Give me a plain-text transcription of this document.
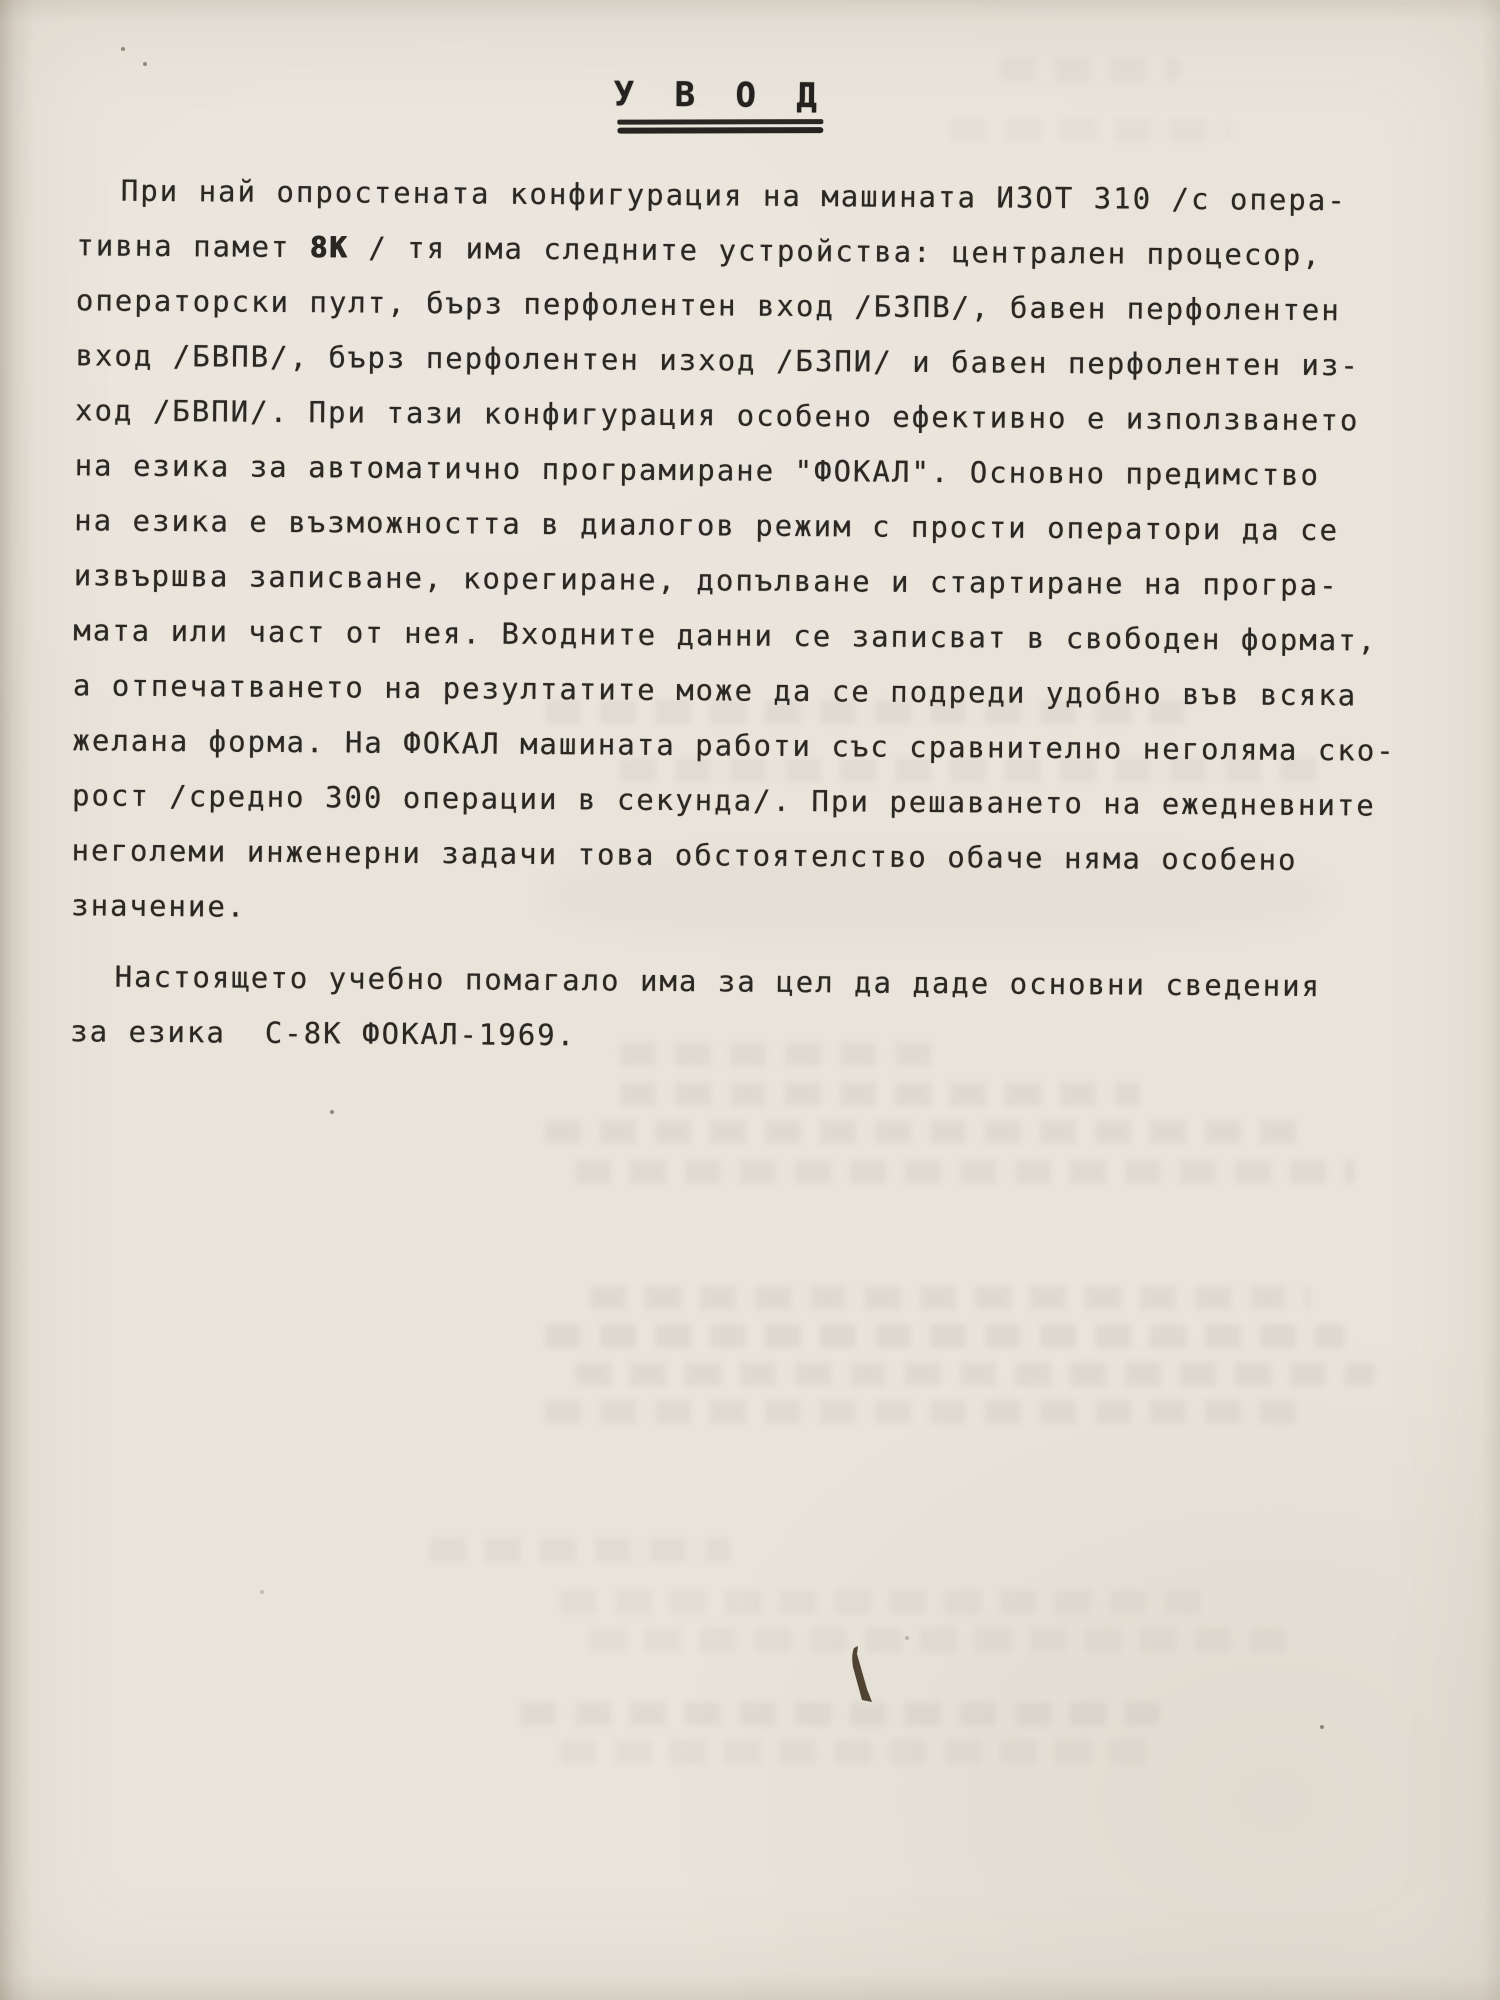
У В О Д
При най опростената конфигурация на машината ИЗОТ 310 /с опера-
тивна памет 8К / тя има следните устройства: централен процесор,
операторски пулт, бърз перфолентен вход /БЗПВ/, бавен перфолентен
вход /БВПВ/, бърз перфолентен изход /БЗПИ/ и бавен перфолентен из-
ход /БВПИ/. При тази конфигурация особено ефективно е използването
на езика за автоматично програмиране "ФОКАЛ". Основно предимство
на езика е възможността в диалогов режим с прости оператори да се
извършва записване, корегиране, допълване и стартиране на програ-
мата или част от нея. Входните данни се записват в свободен формат,
а отпечатването на резултатите може да се подреди удобно във всяка
желана форма. На ФОКАЛ машината работи със сравнително неголяма ско-
рост /средно 300 операции в секунда/. При решаването на ежедневните
неголеми инженерни задачи това обстоятелство обаче няма особено
значение.
Настоящето учебно помагало има за цел да даде основни сведения
за езика  С-8К ФОКАЛ-1969.
